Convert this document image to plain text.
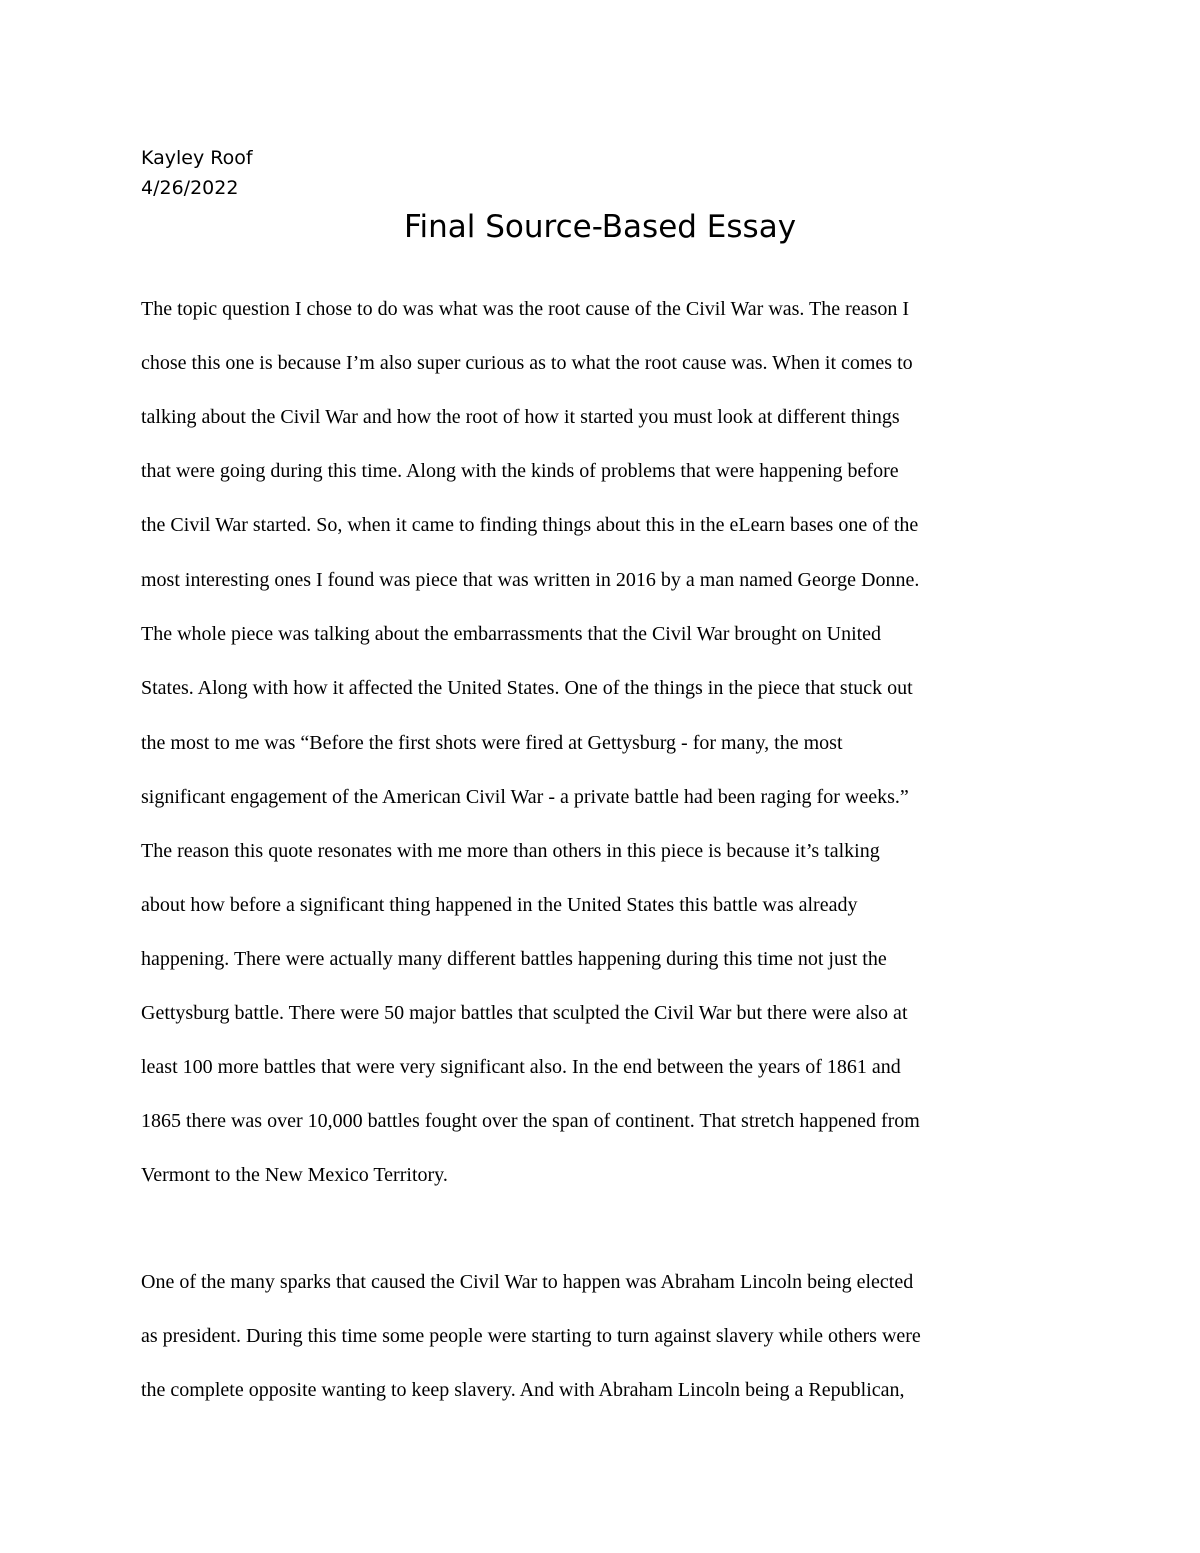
Kayley Roof
4/26/2022
Final Source-Based Essay
The topic question I chose to do was what was the root cause of the Civil War was. The reason I
chose this one is because I’m also super curious as to what the root cause was. When it comes to
talking about the Civil War and how the root of how it started you must look at different things
that were going during this time. Along with the kinds of problems that were happening before
the Civil War started. So, when it came to finding things about this in the eLearn bases one of the
most interesting ones I found was piece that was written in 2016 by a man named George Donne.
The whole piece was talking about the embarrassments that the Civil War brought on United
States. Along with how it affected the United States. One of the things in the piece that stuck out
the most to me was “Before the first shots were fired at Gettysburg - for many, the most
significant engagement of the American Civil War - a private battle had been raging for weeks.”
The reason this quote resonates with me more than others in this piece is because it’s talking
about how before a significant thing happened in the United States this battle was already
happening. There were actually many different battles happening during this time not just the
Gettysburg battle. There were 50 major battles that sculpted the Civil War but there were also at
least 100 more battles that were very significant also. In the end between the years of 1861 and
1865 there was over 10,000 battles fought over the span of continent. That stretch happened from
Vermont to the New Mexico Territory.
One of the many sparks that caused the Civil War to happen was Abraham Lincoln being elected
as president. During this time some people were starting to turn against slavery while others were
the complete opposite wanting to keep slavery. And with Abraham Lincoln being a Republican,
